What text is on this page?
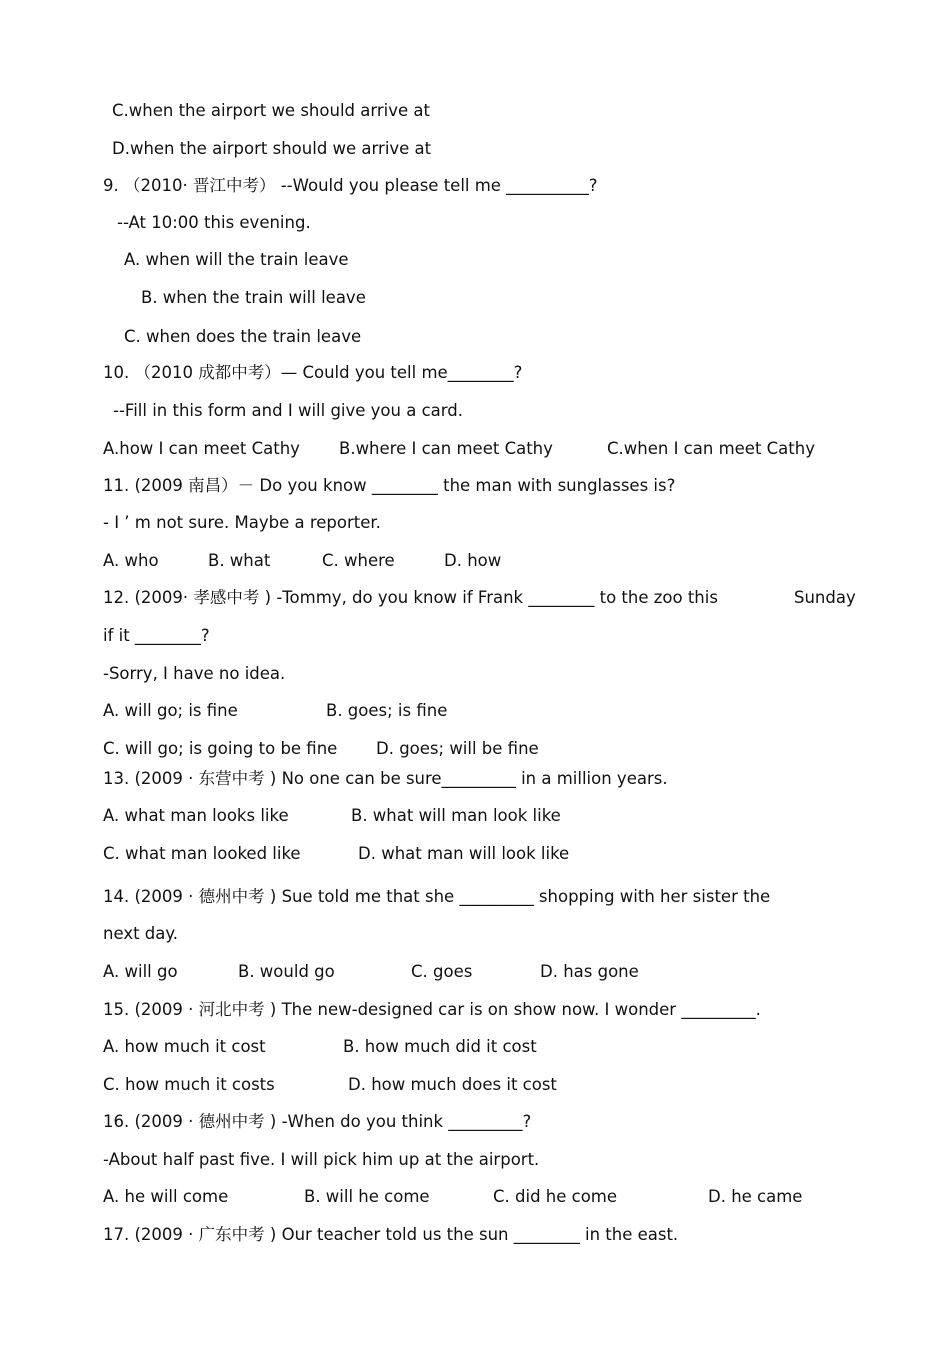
C.when the airport we should arrive at
D.when the airport should we arrive at
9. （2010· 晋江中考） --Would you please tell me __________?
--At 10:00 this evening.
A. when will the train leave
B. when the train will leave
C. when does the train leave
10. （2010 成都中考）— Could you tell me________?
--Fill in this form and I will give you a card.
A.how I can meet Cathy B.where I can meet Cathy	C.when I can meet Cathy
11. (2009 南昌）－ Do you know ________ the man with sunglasses is?
- I ’ m not sure. Maybe a reporter.
A. who	B. what	C. where	D. how
12. (2009· 孝感中考 ) -Tommy, do you know if Frank ________ to the zoo this	Sunday
if it ________?
-Sorry, I have no idea.
A. will go; is fine	B. goes; is fine
C. will go; is going to be fine D. goes; will be fine
13. (2009 · 东营中考 ) No one can be sure_________ in a million years.
A. what man looks like	B. what will man look like
C. what man looked like	D. what man will look like
14. (2009 · 德州中考 ) Sue told me that she _________ shopping with her sister the
next day.
A. will go	B. would go	C. goes	D. has gone
15. (2009 · 河北中考 ) The new-designed car is on show now. I wonder _________.
A. how much it cost	B. how much did it cost
C. how much it costs	D. how much does it cost
16. (2009 · 德州中考 ) -When do you think _________?
-About half past five. I will pick him up at the airport.
A. he will come	B. will he come	C. did he come	D. he came
17. (2009 · 广东中考 ) Our teacher told us the sun ________ in the east.
